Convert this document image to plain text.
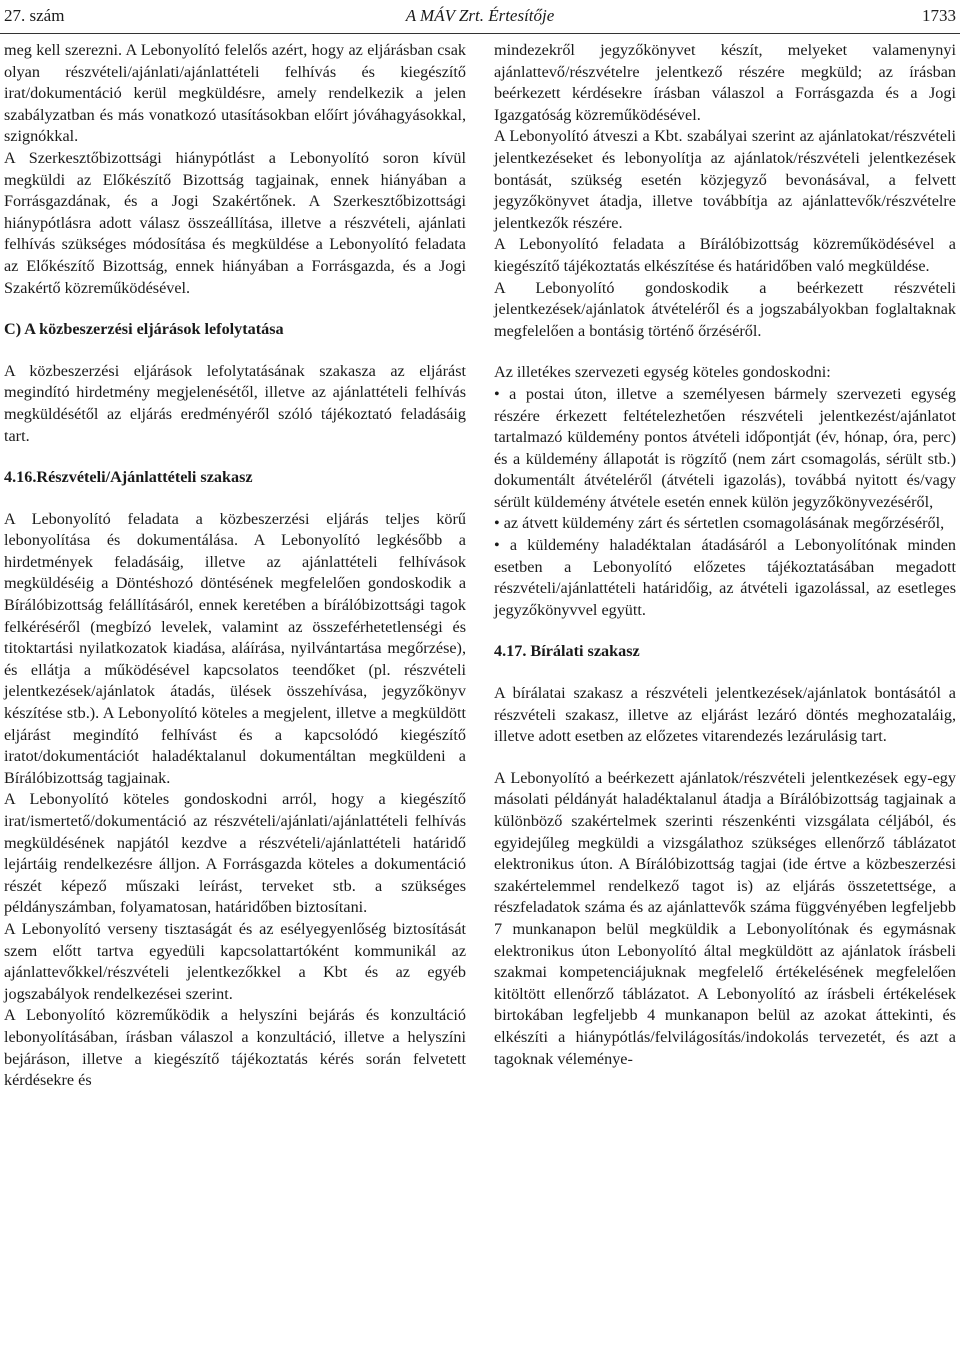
27. szám	A MÁV Zrt. Értesítője	1733

meg kell szerezni. A Lebonyolító felelős azért, hogy az eljárásban csak olyan részvételi/ajánlati/ajánlattételi felhívás és kiegészítő irat/dokumentáció kerül megküldésre, amely rendelkezik a jelen szabályzatban és más vonatkozó utasításokban előírt jóváhagyásokkal, szignókkal.

A Szerkesztőbizottsági hiánypótlást a Lebonyolító soron kívül megküldi az Előkészítő Bizottság tagjainak, ennek hiányában a Forrásgazdának, és a Jogi Szakértőnek. A Szerkesztőbizottsági hiánypótlásra adott válasz összeállítása, illetve a részvételi, ajánlati felhívás szükséges módosítása és megküldése a Lebonyolító feladata az Előkészítő Bizottság, ennek hiányában a Forrásgazda, és a Jogi Szakértő közreműködésével.

C) A közbeszerzési eljárások lefolytatása

A közbeszerzési eljárások lefolytatásának szakasza az eljárást megindító hirdetmény megjelenésétől, illetve az ajánlattételi felhívás megküldésétől az eljárás eredményéről szóló tájékoztató feladásáig tart.

4.16.Részvételi/Ajánlattételi szakasz

A Lebonyolító feladata a közbeszerzési eljárás teljes körű lebonyolítása és dokumentálása. A Lebonyolító legkésőbb a hirdetmények feladásáig, illetve az ajánlattételi felhívások megküldéséig a Döntéshozó döntésének megfelelően gondoskodik a Bírálóbizottság felállításáról, ennek keretében a bírálóbizottsági tagok felkéréséről (megbízó levelek, valamint az összeférhetetlenségi és titoktartási nyilatkozatok kiadása, aláírása, nyilvántartása megőrzése), és ellátja a működésével kapcsolatos teendőket (pl. részvételi jelentkezések/ajánlatok átadás, ülések összehívása, jegyzőkönyv készítése stb.). A Lebonyolító köteles a megjelent, illetve a megküldött eljárást megindító felhívást és a kapcsolódó kiegészítő iratot/dokumentációt haladéktalanul dokumentáltan megküldeni a Bírálóbizottság tagjainak.

A Lebonyolító köteles gondoskodni arról, hogy a kiegészítő irat/ismertető/dokumentáció az részvételi/ajánlati/ajánlattételi felhívás megküldésének napjától kezdve a részvételi/ajánlattételi határidő lejártáig rendelkezésre álljon. A Forrásgazda köteles a dokumentáció részét képező műszaki leírást, terveket stb. a szükséges példányszámban, folyamatosan, határidőben biztosítani.

A Lebonyolító verseny tisztaságát és az esélyegyenlőség biztosítását szem előtt tartva egyedüli kapcsolattartóként kommunikál az ajánlattevőkkel/részvételi jelentkezőkkel a Kbt és az egyéb jogszabályok rendelkezései szerint.

A Lebonyolító közreműködik a helyszíni bejárás és konzultáció lebonyolításában, írásban válaszol a konzultáció, illetve a helyszíni bejáráson, illetve a kiegészítő tájékoztatás kérés során felvetett kérdésekre és

mindezekről jegyzőkönyvet készít, melyeket valamenynyi ajánlattevő/részvételre jelentkező részére megküld; az írásban beérkezett kérdésekre írásban válaszol a Forrásgazda és a Jogi Igazgatóság közreműködésével.

A Lebonyolító átveszi a Kbt. szabályai szerint az ajánlatokat/részvételi jelentkezéseket és lebonyolítja az ajánlatok/részvételi jelentkezések bontását, szükség esetén közjegyző bevonásával, a felvett jegyzőkönyvet átadja, illetve továbbítja az ajánlattevők/részvételre jelentkezők részére.

A Lebonyolító feladata a Bírálóbizottság közreműködésével a kiegészítő tájékoztatás elkészítése és határidőben való megküldése.

A Lebonyolító gondoskodik a beérkezett részvételi jelentkezések/ajánlatok átvételéről és a jogszabályokban foglaltaknak megfelelően a bontásig történő őrzéséről.

Az illetékes szervezeti egység köteles gondoskodni:

• a postai úton, illetve a személyesen bármely szervezeti egység részére érkezett feltételezhetően részvételi jelentkezést/ajánlatot tartalmazó küldemény pontos átvételi időpontját (év, hónap, óra, perc) és a küldemény állapotát is rögzítő (nem zárt csomagolás, sérült stb.) dokumentált átvételéről (átvételi igazolás), továbbá nyitott és/vagy sérült küldemény átvétele esetén ennek külön jegyzőkönyvezéséről,

• az átvett küldemény zárt és sértetlen csomagolásának megőrzéséről,

• a küldemény haladéktalan átadásáról a Lebonyolítónak minden esetben a Lebonyolító előzetes tájékoztatásában megadott részvételi/ajánlattételi határidőig, az átvételi igazolással, az esetleges jegyzőkönyvvel együtt.

4.17. Bírálati szakasz

A bírálatai szakasz a részvételi jelentkezések/ajánlatok bontásától a részvételi szakasz, illetve az eljárást lezáró döntés meghozataláig, illetve adott esetben az előzetes vitarendezés lezárulásig tart.

A Lebonyolító a beérkezett ajánlatok/részvételi jelentkezések egy-egy másolati példányát haladéktalanul átadja a Bírálóbizottság tagjainak a különböző szakértelmek szerinti részenkénti vizsgálata céljából, és egyidejűleg megküldi a vizsgálathoz szükséges ellenőrző táblázatot elektronikus úton. A Bírálóbizottság tagjai (ide értve a közbeszerzési szakértelemmel rendelkező tagot is) az eljárás összetettsége, a részfeladatok száma és az ajánlattevők száma függvényében legfeljebb 7 munkanapon belül megküldik a Lebonyolítónak és egymásnak elektronikus úton Lebonyolító által megküldött az ajánlatok írásbeli szakmai kompetenciájuknak megfelelő értékelésének megfelelően kitöltött ellenőrző táblázatot. A Lebonyolító az írásbeli értékelések birtokában legfeljebb 4 munkanapon belül az azokat áttekinti, és elkészíti a hiánypótlás/felvilágosítás/indokolás tervezetét, és azt a tagoknak véleménye-
